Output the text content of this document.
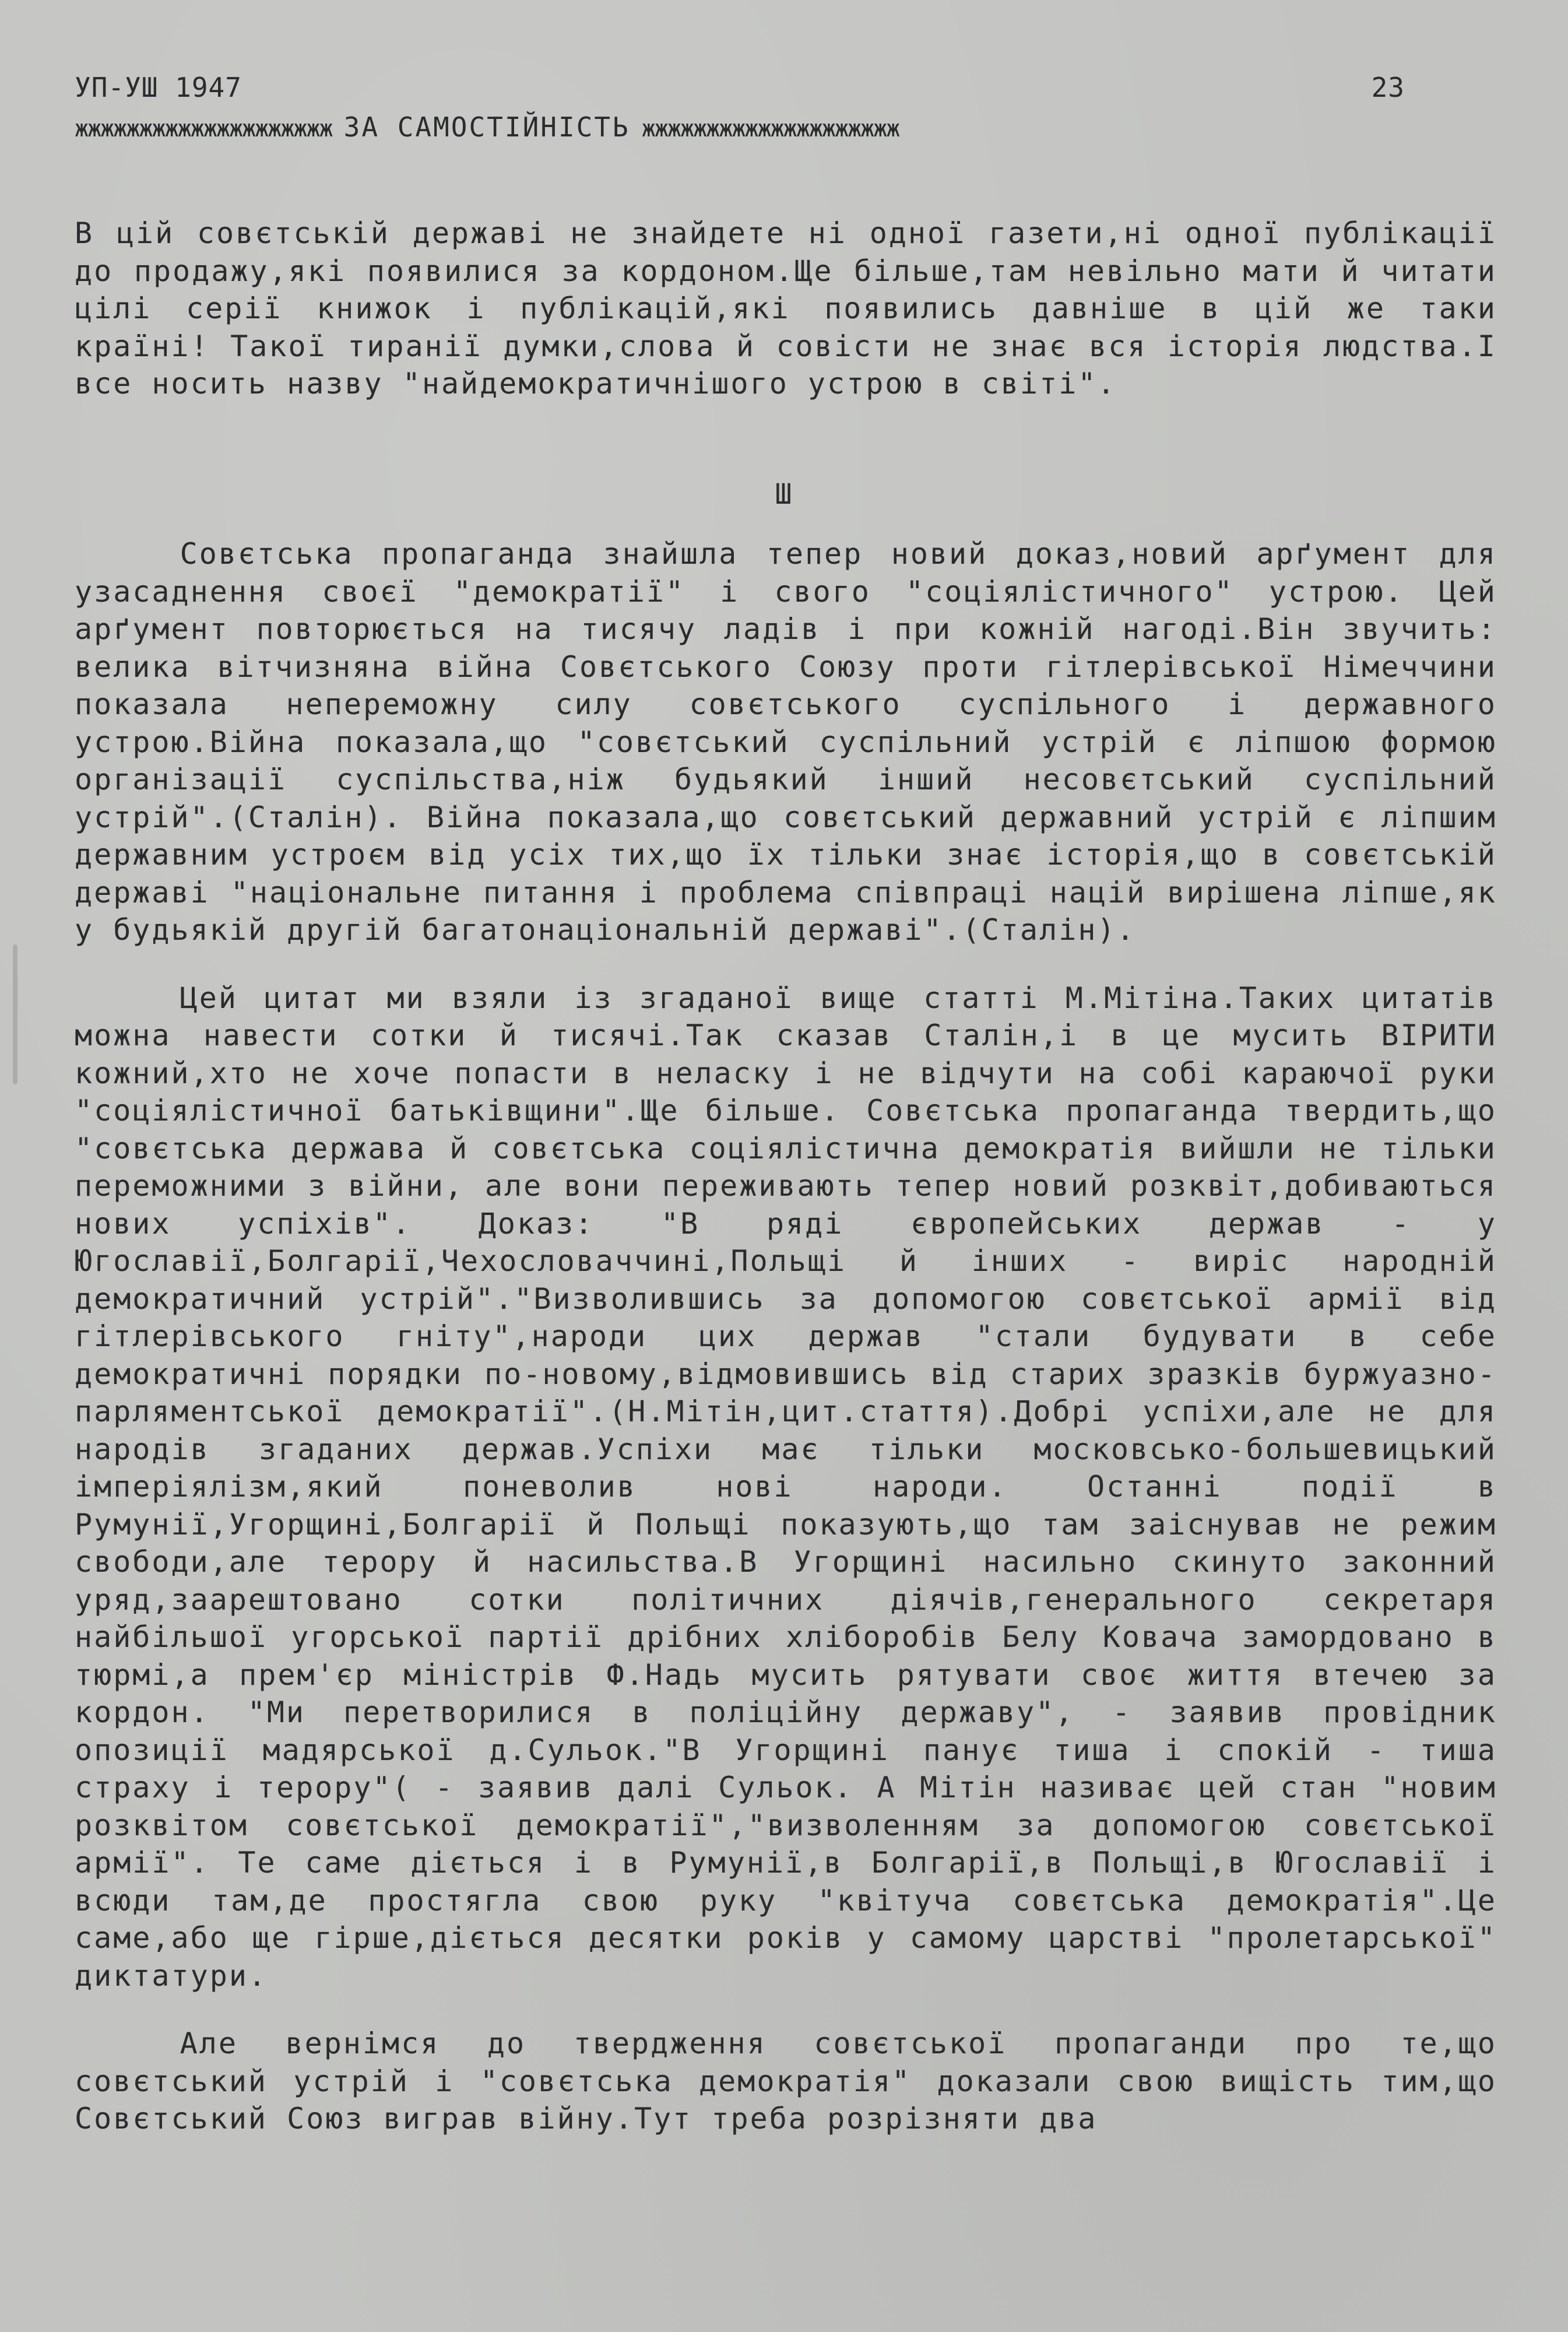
УП-УШ 1947	23
жжжжжжжжжжжжжжжжжжжж ЗА САМОСТІЙНІСТЬ жжжжжжжжжжжжжжжжжжжж

В цій совєтській державі не знайдете ні одної газети,ні одної публікації до продажу,які появилися за кордоном.Ще більше,там невільно мати й читати цілі серії книжок і публікацій,які появились давніше в цій же таки країні! Такої тиранії думки,слова й совісти не знає вся історія людства.І все носить назву "найдемократичнішого устрою в світі".

Ш

Совєтська пропаганда знайшла тепер новий доказ,новий арґумент для узасаднення своєї "демократії" і свого "соціялістичного" устрою. Цей арґумент повторюється на тисячу ладів і при кожній нагоді.Він звучить: велика вітчизняна війна Совєтського Союзу проти гітлерівської Німеччини показала непереможну силу совєтського суспільного і державного устрою.Війна показала,що "совєтський суспільний устрій є ліпшою формою організації суспільства,ніж будьякий інший несовєтський суспільний устрій".(Сталін). Війна показала,що совєтський державний устрій є ліпшим державним устроєм від усіх тих,що їх тільки знає історія,що в совєтській державі "національне питання і проблема співпраці націй вирішена ліпше,як у будьякій другій багатонаціональній державі".(Сталін).

Цей цитат ми взяли із згаданої вище статті М.Мітіна.Таких цитатів можна навести сотки й тисячі.Так сказав Сталін,і в це мусить ВІРИТИ кожний,хто не хоче попасти в неласку і не відчути на собі караючої руки "соціялістичної батьківщини".Ще більше. Совєтська пропаганда твердить,що "совєтська держава й совєтська соціялістична демократія вийшли не тільки переможними з війни, але вони переживають тепер новий розквіт,добиваються нових успіхів". Доказ: "В ряді європейських держав - у Югославії,Болгарії,Чехословаччині,Польщі й інших - виріс народній демократичний устрій"."Визволившись за допомогою совєтської армії від гітлерівського гніту",народи цих держав "стали будувати в себе демократичні порядки по-новому,відмовившись від старих зразків буржуазно-парляментської демократії".(Н.Мітін,цит.стаття).Добрі успіхи,але не для народів згаданих держав.Успіхи має тільки московсько-большевицький імперіялізм,який поневолив нові народи. Останні події в Румунії,Угорщині,Болгарії й Польщі показують,що там заіснував не режим свободи,але терору й насильства.В Угорщині насильно скинуто законний уряд,заарештовано сотки політичних діячів,генерального секретаря найбільшої угорської партії дрібних хліборобів Белу Ковача замордовано в тюрмі,а прем'єр міністрів Ф.Надь мусить рятувати своє життя втечею за кордон. "Ми перетворилися в поліційну державу", - заявив провідник опозиції мадярської д.Сульок."В Угорщині панує тиша і спокій - тиша страху і терору"( - заявив далі Сульок. А Мітін називає цей стан "новим розквітом совєтської демократії","визволенням за допомогою совєтської армії". Те саме діється і в Румунії,в Болгарії,в Польщі,в Югославії і всюди там,де простягла свою руку "квітуча совєтська демократія".Це саме,або ще гірше,діється десятки років у самому царстві "пролетарської" диктатури.

Але вернімся до твердження совєтської пропаганди про те,що совєтський устрій і "совєтська демократія" доказали свою вищість тим,що Совєтський Союз виграв війну.Тут треба розрізняти два
